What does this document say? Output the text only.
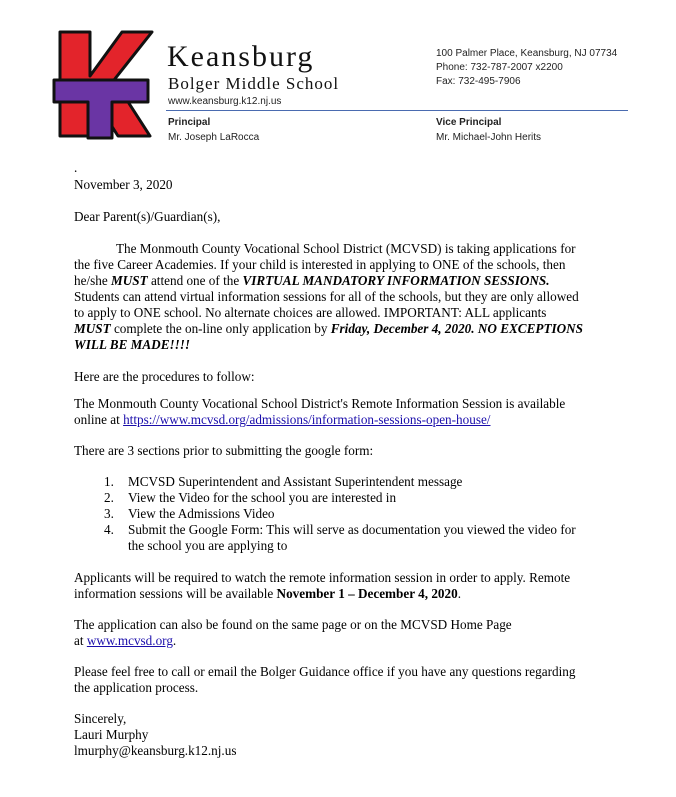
Keansburg
Bolger Middle School
www.keansburg.k12.nj.us
100 Palmer Place, Keansburg, NJ 07734
Phone: 732-787-2007 x2200
Fax: 732-495-7906
Principal
Mr. Joseph LaRocca
Vice Principal
Mr. Michael-John Herits
.
November 3, 2020
Dear Parent(s)/Guardian(s),
The Monmouth County Vocational School District (MCVSD) is taking applications for
the five Career Academies. If your child is interested in applying to ONE of the schools, then
he/she MUST attend one of the VIRTUAL MANDATORY INFORMATION SESSIONS.
Students can attend virtual information sessions for all of the schools, but they are only allowed
to apply to ONE school. No alternate choices are allowed. IMPORTANT: ALL applicants
MUST complete the on-line only application by Friday, December 4, 2020. NO EXCEPTIONS
WILL BE MADE!!!!
Here are the procedures to follow:
The Monmouth County Vocational School District's Remote Information Session is available
online at https://www.mcvsd.org/admissions/information-sessions-open-house/
There are 3 sections prior to submitting the google form:
1. MCVSD Superintendent and Assistant Superintendent message
2. View the Video for the school you are interested in
3. View the Admissions Video
4. Submit the Google Form: This will serve as documentation you viewed the video for
the school you are applying to
Applicants will be required to watch the remote information session in order to apply. Remote
information sessions will be available November 1 – December 4, 2020.
The application can also be found on the same page or on the MCVSD Home Page
at www.mcvsd.org.
Please feel free to call or email the Bolger Guidance office if you have any questions regarding
the application process.
Sincerely,
Lauri Murphy
lmurphy@keansburg.k12.nj.us
